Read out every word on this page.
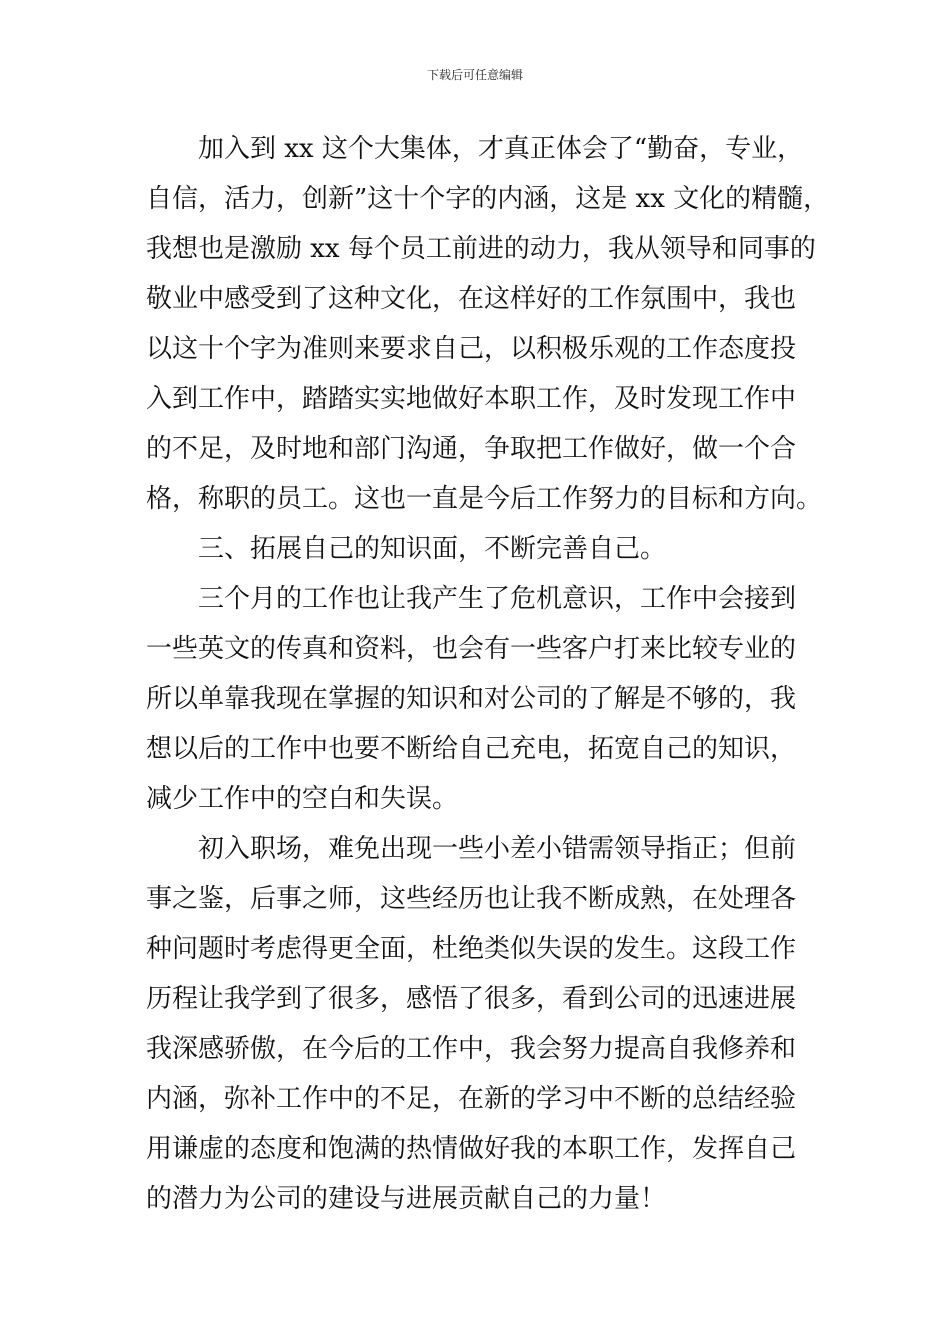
下载后可任意编辑
加入到 xx 这个大集体，才真正体会了“勤奋，专业，
自信，活力，创新”这十个字的内涵，这是 xx 文化的精髓，
我想也是激励 xx 每个员工前进的动力，我从领导和同事的
敬业中感受到了这种文化，在这样好的工作氛围中，我也
以这十个字为准则来要求自己，以积极乐观的工作态度投
入到工作中，踏踏实实地做好本职工作，及时发现工作中
的不足，及时地和部门沟通，争取把工作做好，做一个合
格，称职的员工。这也一直是今后工作努力的目标和方向。
三、拓展自己的知识面，不断完善自己。
三个月的工作也让我产生了危机意识，工作中会接到
一些英文的传真和资料，也会有一些客户打来比较专业的
所以单靠我现在掌握的知识和对公司的了解是不够的，我
想以后的工作中也要不断给自己充电，拓宽自己的知识，
减少工作中的空白和失误。
初入职场，难免出现一些小差小错需领导指正；但前
事之鉴，后事之师，这些经历也让我不断成熟，在处理各
种问题时考虑得更全面，杜绝类似失误的发生。这段工作
历程让我学到了很多，感悟了很多，看到公司的迅速进展
我深感骄傲，在今后的工作中，我会努力提高自我修养和
内涵，弥补工作中的不足，在新的学习中不断的总结经验
用谦虚的态度和饱满的热情做好我的本职工作，发挥自己
的潜力为公司的建设与进展贡献自己的力量！
